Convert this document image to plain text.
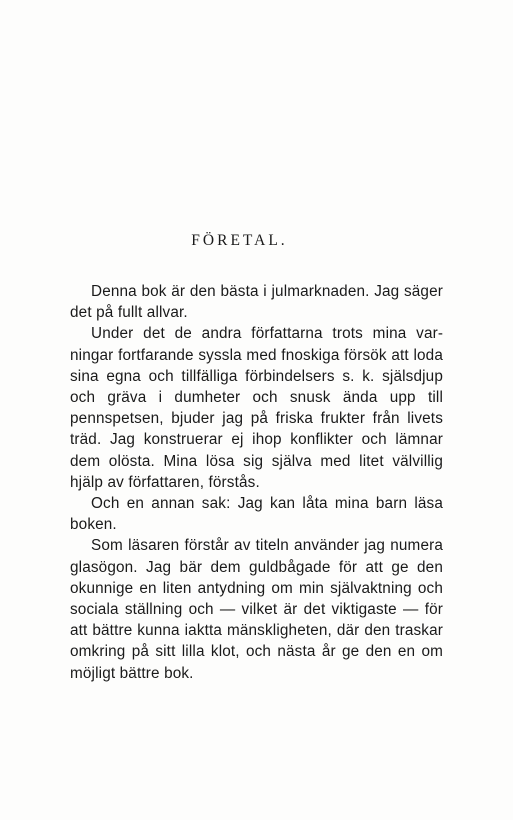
FÖRETAL.

Denna bok är den bästa i julmarknaden. Jag säger det på fullt allvar.

Under det de andra författarna trots mina varningar fortfarande syssla med fnoskiga försök att loda sina egna och tillfälliga förbindelsers s. k. själsdjup och gräva i dumheter och snusk ända upp till pennspetsen, bjuder jag på friska frukter från livets träd. Jag konstruerar ej ihop konflikter och lämnar dem olösta. Mina lösa sig själva med litet välvillig hjälp av författaren, förstås.

Och en annan sak: Jag kan låta mina barn läsa boken.

Som läsaren förstår av titeln använder jag numera glasögon. Jag bär dem guldbågade för att ge den okunnige en liten antydning om min självaktning och sociala ställning och — vilket är det viktigaste — för att bättre kunna iaktta mänskligheten, där den traskar omkring på sitt lilla klot, och nästa år ge den en om möjligt bättre bok.
